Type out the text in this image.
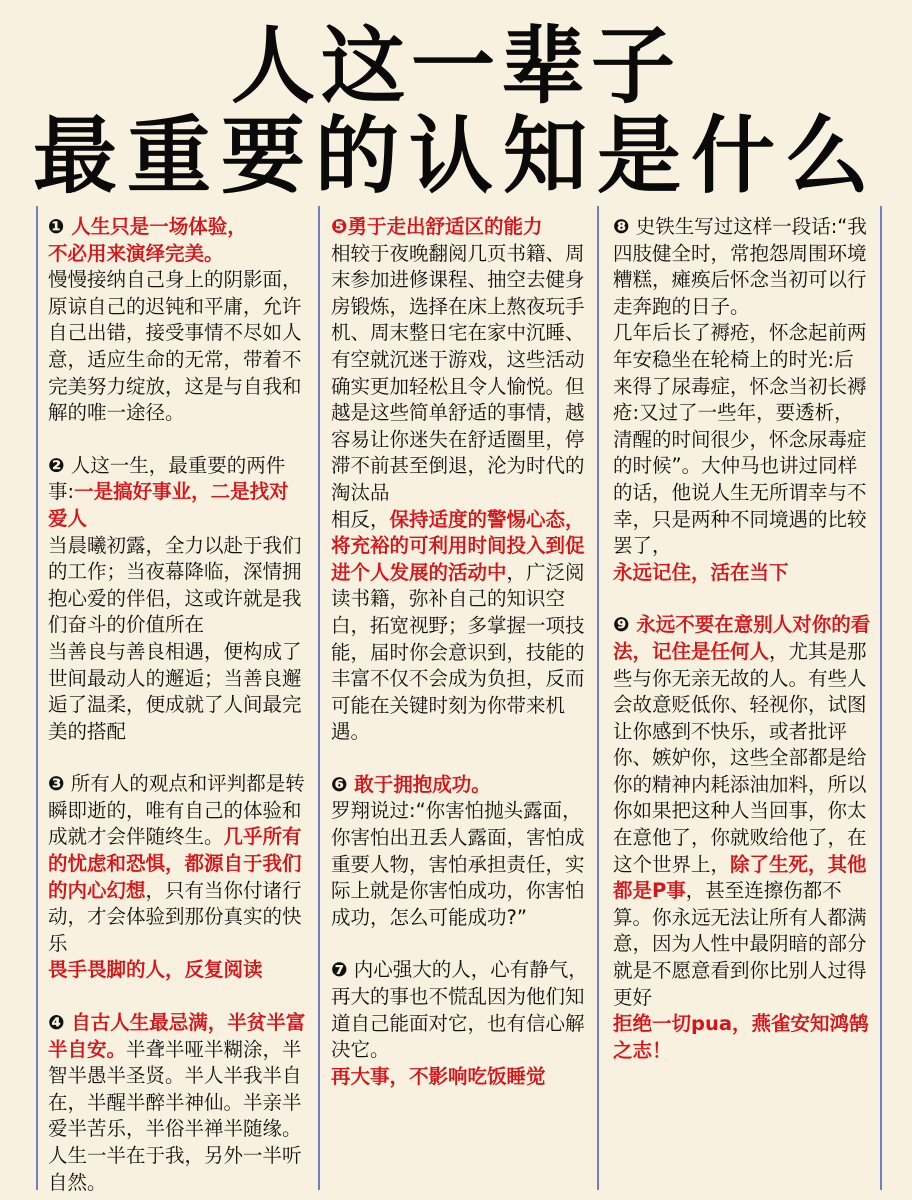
人这一辈子
最重要的认知是什么

❶ 人生只是一场体验，

不必用来演绎完美。

慢慢接纳自己身上的阴影面，原谅自己的迟钝和平庸，允许自己出错，接受事情不尽如人意，适应生命的无常，带着不完美努力绽放，这是与自我和解的唯一途径。

❷ 人这一生，最重要的两件事:一是搞好事业，二是找对爱人

当晨曦初露，全力以赴于我们的工作；当夜幕降临，深情拥抱心爱的伴侣，这或许就是我们奋斗的价值所在

当善良与善良相遇，便构成了世间最动人的邂逅；当善良邂逅了温柔，便成就了人间最完美的搭配

❸ 所有人的观点和评判都是转瞬即逝的，唯有自己的体验和成就才会伴随终生。几乎所有的忧虑和恐惧，都源自于我们的内心幻想，只有当你付诸行动，才会体验到那份真实的快乐

畏手畏脚的人，反复阅读

❹ 自古人生最忌满，半贫半富半自安。半聋半哑半糊涂，半智半愚半圣贤。半人半我半自在，半醒半醉半神仙。半亲半爱半苦乐，半俗半禅半随缘。人生一半在于我，另外一半听自然。

❺勇于走出舒适区的能力

相较于夜晚翻阅几页书籍、周末参加进修课程、抽空去健身房锻炼，选择在床上熬夜玩手机、周末整日宅在家中沉睡、有空就沉迷于游戏，这些活动确实更加轻松且令人愉悦。但越是这些简单舒适的事情，越容易让你迷失在舒适圈里，停滞不前甚至倒退，沦为时代的淘汰品

相反，保持适度的警惕心态，将充裕的可利用时间投入到促进个人发展的活动中，广泛阅读书籍，弥补自己的知识空白，拓宽视野；多掌握一项技能，届时你会意识到，技能的丰富不仅不会成为负担，反而可能在关键时刻为你带来机遇。

❻ 敢于拥抱成功。

罗翔说过:“你害怕抛头露面，你害怕出丑丢人露面，害怕成重要人物，害怕承担责任，实际上就是你害怕成功，你害怕成功，怎么可能成功?”

❼ 内心强大的人，心有静气，再大的事也不慌乱因为他们知道自己能面对它，也有信心解决它。

再大事，不影响吃饭睡觉

❽ 史铁生写过这样一段话:“我四肢健全时，常抱怨周围环境糟糕，瘫痪后怀念当初可以行走奔跑的日子。

几年后长了褥疮，怀念起前两年安稳坐在轮椅上的时光:后来得了尿毒症，怀念当初长褥疮:又过了一些年，要透析，清醒的时间很少，怀念尿毒症的时候”。大仲马也讲过同样的话，他说人生无所谓幸与不幸，只是两种不同境遇的比较罢了，

永远记住，活在当下

❾ 永远不要在意别人对你的看法，记住是任何人，尤其是那些与你无亲无故的人。有些人会故意贬低你、轻视你，试图让你感到不快乐，或者批评你、嫉妒你，这些全部都是给你的精神内耗添油加料，所以你如果把这种人当回事，你太在意他了，你就败给他了，在这个世界上，除了生死，其他都是P事，甚至连擦伤都不算。你永远无法让所有人都满意，因为人性中最阴暗的部分就是不愿意看到你比别人过得更好

拒绝一切pua，燕雀安知鸿鹄之志！
